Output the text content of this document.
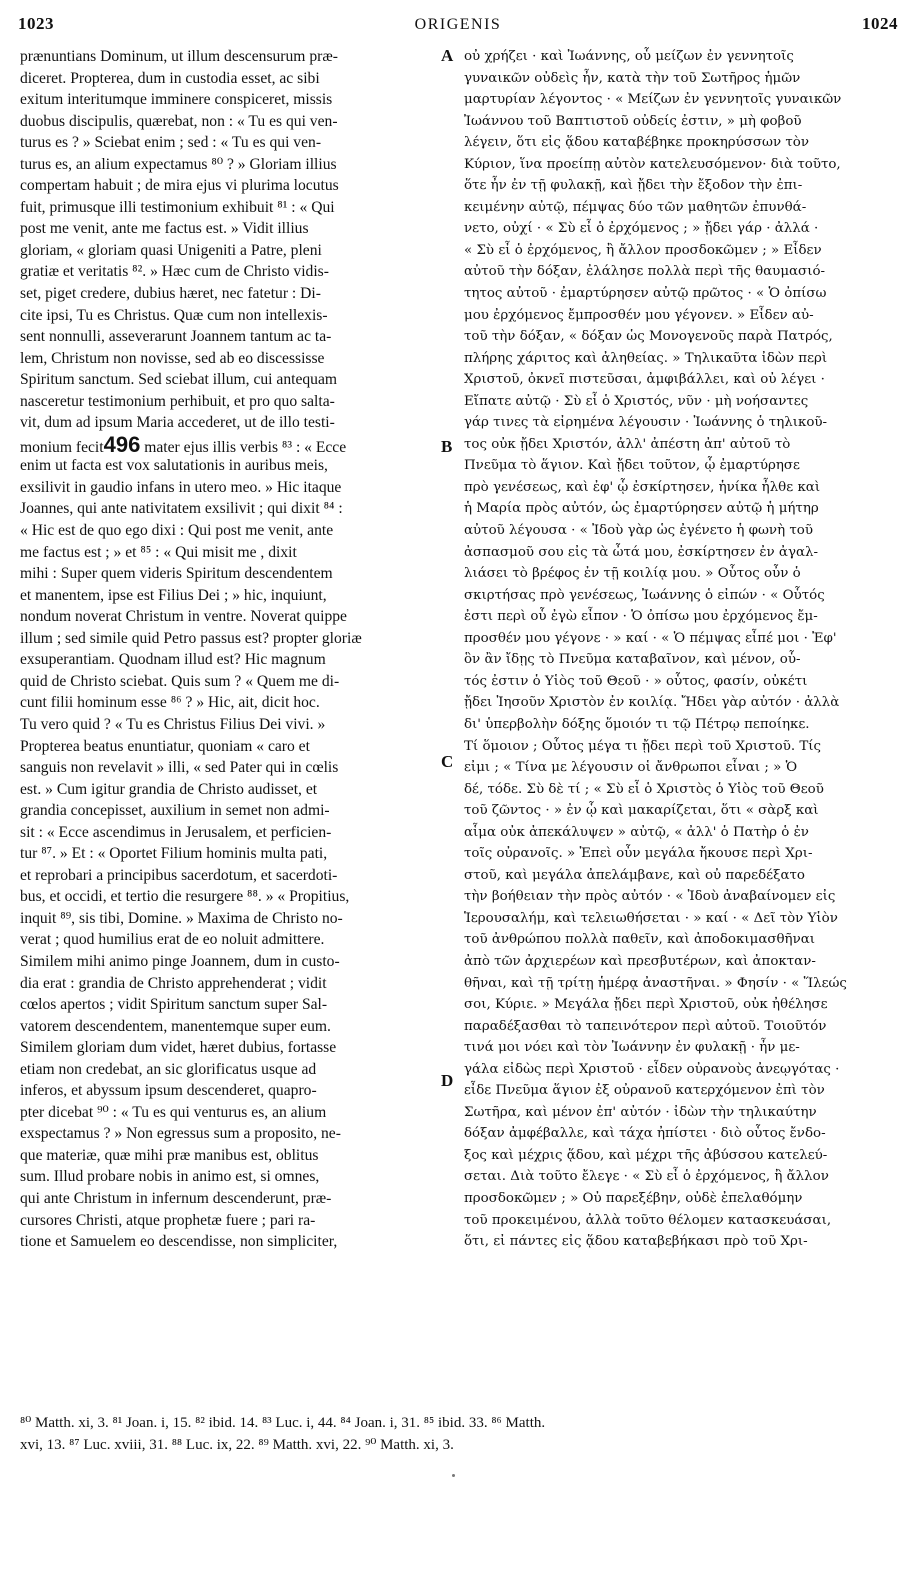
1023	ORIGENIS	1024
prænuntians Dominum, ut illum descensurum præ-
diceret. Propterea, dum in custodia esset, ac sibi
exitum interitumque imminere conspiceret, missis
duobus discipulis, quærebat, non : « Tu es qui ven-
turus es ? » Sciebat enim ; sed : « Tu es qui ven-
turus es, an alium expectamus ⁸⁰ ? » Gloriam illius
compertam habuit ; de mira ejus vi plurima locutus
fuit, primusque illi testimonium exhibuit ⁸¹ : « Qui
post me venit, ante me factus est. » Vidit illius
gloriam, « gloriam quasi Unigeniti a Patre, pleni
gratiæ et veritatis ⁸². » Hæc cum de Christo vidis-
set, piget credere, dubius hæret, nec fatetur : Di-
cite ipsi, Tu es Christus. Quæ cum non intellexis-
sent nonnulli, asseverarunt Joannem tantum ac ta-
lem, Christum non novisse, sed ab eo discessisse
Spiritum sanctum. Sed sciebat illum, cui antequam
nasceretur testimonium perhibuit, et pro quo salta-
vit, dum ad ipsum Maria accederet, ut de illo testi-
monium fecit496 mater ejus illis verbis ⁸³ : « Ecce
enim ut facta est vox salutationis in auribus meis,
exsilivit in gaudio infans in utero meo. » Hic itaque
Joannes, qui ante nativitatem exsilivit ; qui dixit ⁸⁴ :
« Hic est de quo ego dixi : Qui post me venit, ante
me factus est ; » et ⁸⁵ : « Qui misit me , dixit
mihi : Super quem videris Spiritum descendentem
et manentem, ipse est Filius Dei ; » hic, inquiunt,
nondum noverat Christum in ventre. Noverat quippe
illum ; sed simile quid Petro passus est? propter gloriæ
exsuperantiam. Quodnam illud est? Hic magnum
quid de Christo sciebat. Quis sum ? « Quem me di-
cunt filii hominum esse ⁸⁶ ? » Hic, ait, dicit hoc.
Tu vero quid ? « Tu es Christus Filius Dei vivi. »
Propterea beatus enuntiatur, quoniam « caro et
sanguis non revelavit » illi, « sed Pater qui in cœlis
est. » Cum igitur grandia de Christo audisset, et
grandia concepisset, auxilium in semet non admi-
sit : « Ecce ascendimus in Jerusalem, et perficien-
tur ⁸⁷. » Et : « Oportet Filium hominis multa pati,
et reprobari a principibus sacerdotum, et sacerdoti-
bus, et occidi, et tertio die resurgere ⁸⁸. » « Propitius,
inquit ⁸⁹, sis tibi, Domine. » Maxima de Christo no-
verat ; quod humilius erat de eo noluit admittere.
Similem mihi animo pinge Joannem, dum in custo-
dia erat : grandia de Christo apprehenderat ; vidit
cœlos apertos ; vidit Spiritum sanctum super Sal-
vatorem descendentem, manentemque super eum.
Similem gloriam dum videt, hæret dubius, fortasse
etiam non credebat, an sic glorificatus usque ad
inferos, et abyssum ipsum descenderet, quapro-
pter dicebat ⁹⁰ : « Tu es qui venturus es, an alium
exspectamus ? » Non egressus sum a proposito, ne-
que materiæ, quæ mihi præ manibus est, oblitus
sum. Illud probare nobis in animo est, si omnes,
qui ante Christum in infernum descenderunt, præ-
cursores Christi, atque prophetæ fuere ; pari ra-
tione et Samuelem eo descendisse, non simpliciter,
οὐ χρήζει · καὶ Ἰωάννης, οὗ μείζων ἐν γεννητοῖς
γυναικῶν οὐδεὶς ἦν, κατὰ τὴν τοῦ Σωτῆρος ἡμῶν
μαρτυρίαν λέγοντος · « Μείζων ἐν γεννητοῖς γυναικῶν
Ἰωάννου τοῦ Βαπτιστοῦ οὐδείς ἐστιν, » μὴ φοβοῦ
λέγειν, ὅτι εἰς ᾅδου καταβέβηκε προκηρύσσων τὸν
Κύριον, ἵνα προείπῃ αὐτὸν κατελευσόμενον· διὰ τοῦτο,
ὅτε ἦν ἐν τῇ φυλακῇ, καὶ ᾔδει τὴν ἔξοδον τὴν ἐπι-
κειμένην αὐτῷ, πέμψας δύο τῶν μαθητῶν ἐπυνθά-
νετο, οὐχί · « Σὺ εἶ ὁ ἐρχόμενος ; » ᾔδει γάρ · ἀλλά ·
« Σὺ εἶ ὁ ἐρχόμενος, ἢ ἄλλον προσδοκῶμεν ; » Εἶδεν
αὐτοῦ τὴν δόξαν, ἐλάλησε πολλὰ περὶ τῆς θαυμασιό-
τητος αὐτοῦ · ἐμαρτύρησεν αὐτῷ πρῶτος · « Ὁ ὀπίσω
μου ἐρχόμενος ἔμπροσθέν μου γέγονεν. » Εἶδεν αὐ-
τοῦ τὴν δόξαν, « δόξαν ὡς Μονογενοῦς παρὰ Πατρός,
πλήρης χάριτος καὶ ἀληθείας. » Τηλικαῦτα ἰδὼν περὶ
Χριστοῦ, ὀκνεῖ πιστεῦσαι, ἀμφιβάλλει, καὶ οὐ λέγει ·
Εἴπατε αὐτῷ · Σὺ εἶ ὁ Χριστός, νῦν · μὴ νοήσαντες
γάρ τινες τὰ εἰρημένα λέγουσιν · Ἰωάννης ὁ τηλικοῦ-
τος οὐκ ᾔδει Χριστόν, ἀλλ' ἀπέστη ἀπ' αὐτοῦ τὸ
Πνεῦμα τὸ ἅγιον. Καὶ ᾔδει τοῦτον, ᾧ ἐμαρτύρησε
πρὸ γενέσεως, καὶ ἐφ' ᾧ ἐσκίρτησεν, ἡνίκα ἦλθε καὶ
ἡ Μαρία πρὸς αὐτόν, ὡς ἐμαρτύρησεν αὐτῷ ἡ μήτηρ
αὐτοῦ λέγουσα · « Ἰδοὺ γὰρ ὡς ἐγένετο ἡ φωνὴ τοῦ
ἀσπασμοῦ σου εἰς τὰ ὦτά μου, ἐσκίρτησεν ἐν ἀγαλ-
λιάσει τὸ βρέφος ἐν τῇ κοιλίᾳ μου. » Οὗτος οὖν ὁ
σκιρτήσας πρὸ γενέσεως, Ἰωάννης ὁ εἰπών · « Οὗτός
ἐστι περὶ οὗ ἐγὼ εἶπον · Ὁ ὀπίσω μου ἐρχόμενος ἔμ-
προσθέν μου γέγονε · » καί · « Ὁ πέμψας εἶπέ μοι · Ἐφ'
ὃν ἂν ἴδῃς τὸ Πνεῦμα καταβαῖνον, καὶ μένον, οὗ-
τός ἐστιν ὁ Υἱὸς τοῦ Θεοῦ · » οὗτος, φασίν, οὐκέτι
ᾔδει Ἰησοῦν Χριστὸν ἐν κοιλίᾳ. Ἤδει γὰρ αὐτόν · ἀλλὰ
δι' ὑπερβολὴν δόξης ὅμοιόν τι τῷ Πέτρῳ πεποίηκε.
Τί ὅμοιον ; Οὗτος μέγα τι ᾔδει περὶ τοῦ Χριστοῦ. Τίς
εἰμι ; « Τίνα με λέγουσιν οἱ ἄνθρωποι εἶναι ; » Ὁ
δέ, τόδε. Σὺ δὲ τί ; « Σὺ εἶ ὁ Χριστὸς ὁ Υἱὸς τοῦ Θεοῦ
τοῦ ζῶντος · » ἐν ᾧ καὶ μακαρίζεται, ὅτι « σὰρξ καὶ
αἷμα οὐκ ἀπεκάλυψεν » αὐτῷ, « ἀλλ' ὁ Πατὴρ ὁ ἐν
τοῖς οὐρανοῖς. » Ἐπεὶ οὖν μεγάλα ἤκουσε περὶ Χρι-
στοῦ, καὶ μεγάλα ἀπελάμβανε, καὶ οὐ παρεδέξατο
τὴν βοήθειαν τὴν πρὸς αὐτόν · « Ἰδοὺ ἀναβαίνομεν εἰς
Ἱερουσαλήμ, καὶ τελειωθήσεται · » καί · « Δεῖ τὸν Υἱὸν
τοῦ ἀνθρώπου πολλὰ παθεῖν, καὶ ἀποδοκιμασθῆναι
ἀπὸ τῶν ἀρχιερέων καὶ πρεσβυτέρων, καὶ ἀποκταν-
θῆναι, καὶ τῇ τρίτῃ ἡμέρᾳ ἀναστῆναι. » Φησίν · « Ἵλεώς
σοι, Κύριε. » Μεγάλα ᾔδει περὶ Χριστοῦ, οὐκ ἠθέλησε
παραδέξασθαι τὸ ταπεινότερον περὶ αὐτοῦ. Τοιοῦτόν
τινά μοι νόει καὶ τὸν Ἰωάννην ἐν φυλακῇ · ἦν με-
γάλα εἰδὼς περὶ Χριστοῦ · εἶδεν οὐρανοὺς ἀνεῳγότας ·
εἶδε Πνεῦμα ἅγιον ἐξ οὐρανοῦ κατερχόμενον ἐπὶ τὸν
Σωτῆρα, καὶ μένον ἐπ' αὐτόν · ἰδὼν τὴν τηλικαύτην
δόξαν ἀμφέβαλλε, καὶ τάχα ἠπίστει · διὸ οὗτος ἔνδο-
ξος καὶ μέχρις ᾅδου, καὶ μέχρι τῆς ἀβύσσου κατελεύ-
σεται. Διὰ τοῦτο ἔλεγε · « Σὺ εἶ ὁ ἐρχόμενος, ἢ ἄλλον
προσδοκῶμεν ; » Οὐ παρεξέβην, οὐδὲ ἐπελαθόμην
τοῦ προκειμένου, ἀλλὰ τοῦτο θέλομεν κατασκευάσαι,
ὅτι, εἰ πάντες εἰς ᾅδου καταβεβήκασι πρὸ τοῦ Χρι-
A
B
C
D
⁸⁰ Matth. xi, 3. ⁸¹ Joan. i, 15. ⁸² ibid. 14. ⁸³ Luc. i, 44. ⁸⁴ Joan. i, 31. ⁸⁵ ibid. 33. ⁸⁶ Matth.
xvi, 13. ⁸⁷ Luc. xviii, 31. ⁸⁸ Luc. ix, 22. ⁸⁹ Matth. xvi, 22. ⁹⁰ Matth. xi, 3.
